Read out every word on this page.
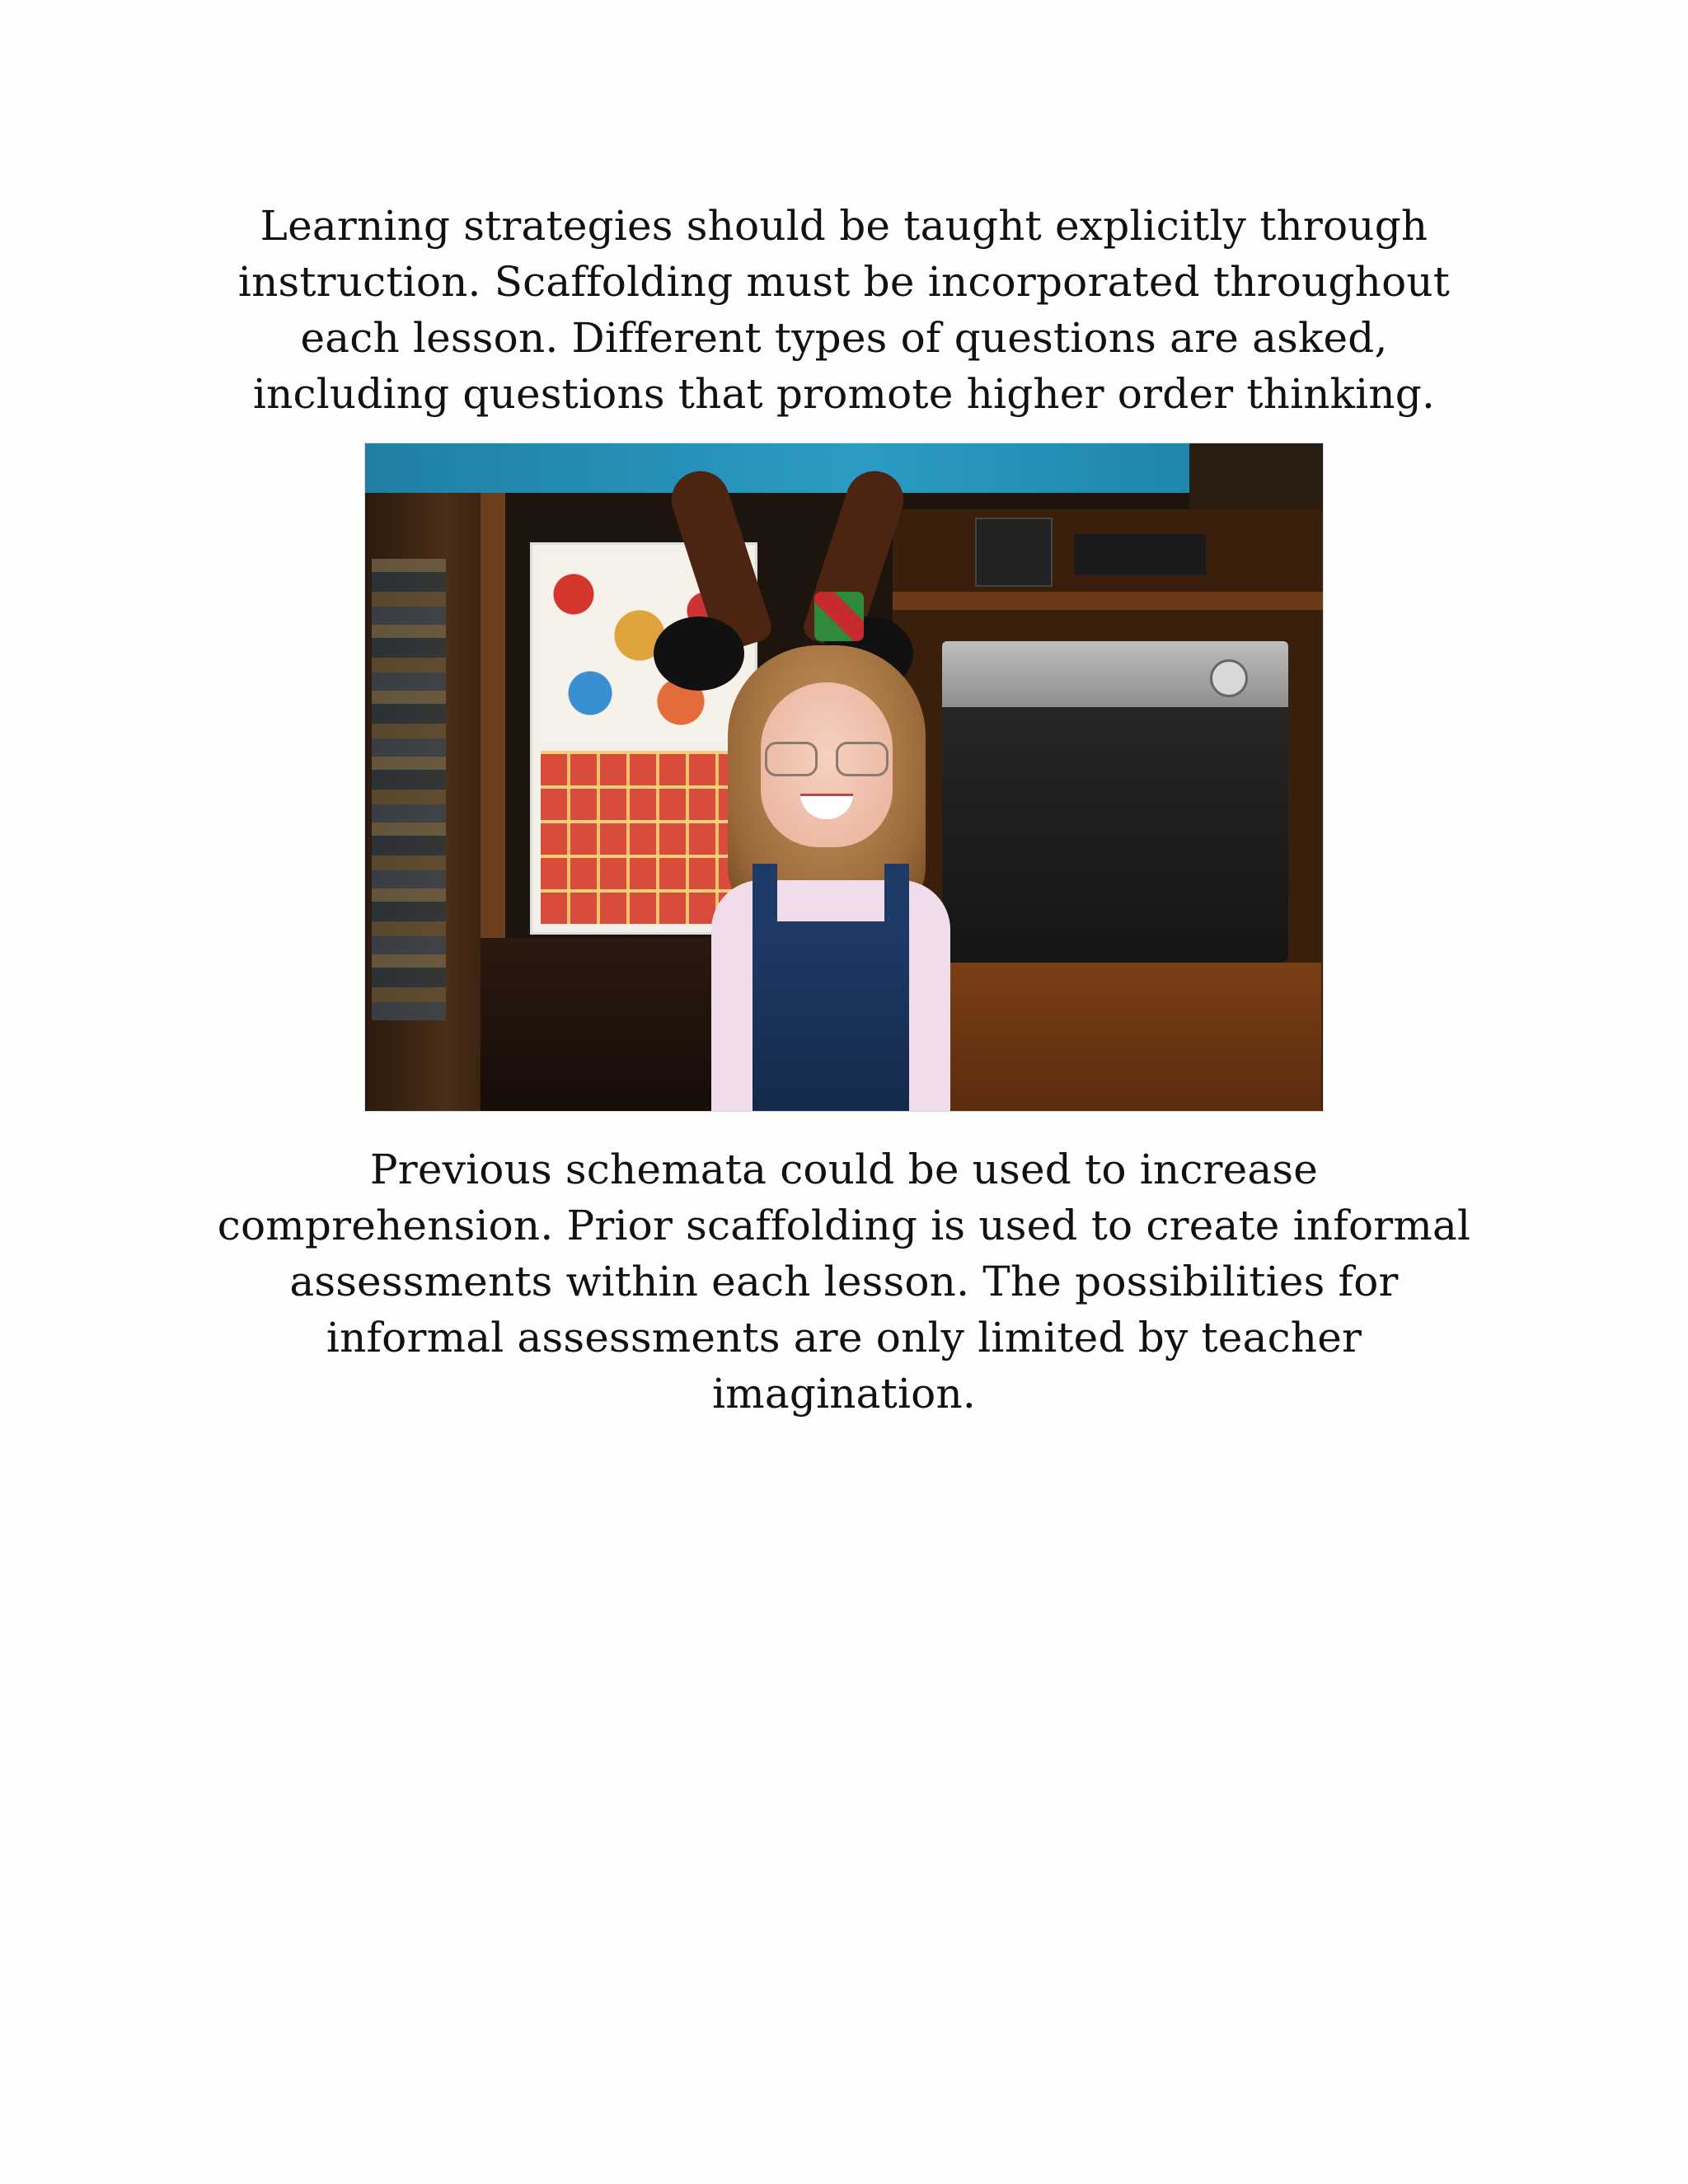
Learning strategies should be taught explicitly through instruction. Scaffolding must be incorporated throughout each lesson. Different types of questions are asked, including questions that promote higher order thinking.

Previous schemata could be used to increase comprehension. Prior scaffolding is used to create informal assessments within each lesson. The possibilities for informal assessments are only limited by teacher imagination.
